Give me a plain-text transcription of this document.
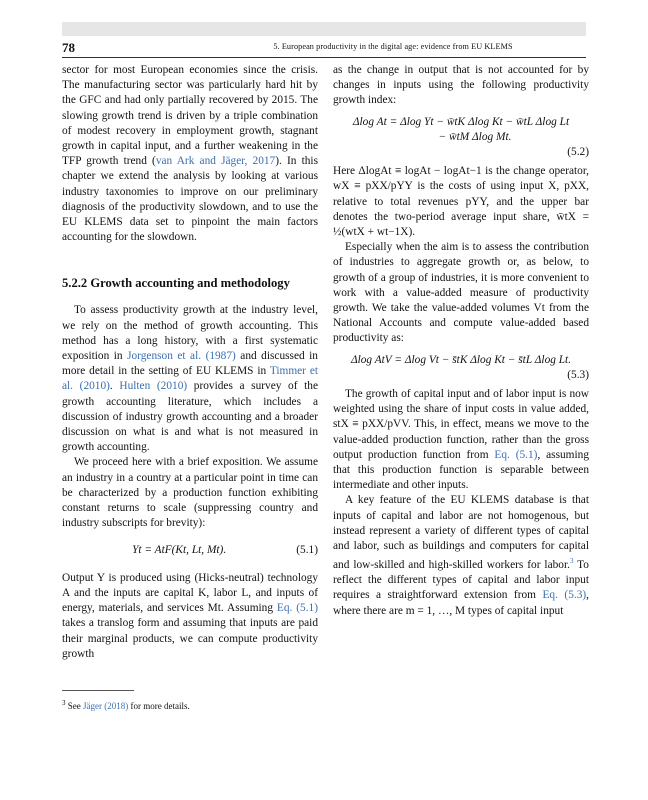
78	5. European productivity in the digital age: evidence from EU KLEMS

sector for most European economies since the crisis. The manufacturing sector was particularly hard hit by the GFC and had only partially recovered by 2015. The slowing growth trend is driven by a triple combination of modest recovery in employment growth, stagnant growth in capital input, and a further weakening in the TFP growth trend (van Ark and Jäger, 2017). In this chapter we extend the analysis by looking at various industry taxonomies to improve on our preliminary diagnosis of the productivity slowdown, and to use the EU KLEMS data set to pinpoint the main factors accounting for the slowdown.

5.2.2 Growth accounting and methodology

To assess productivity growth at the industry level, we rely on the method of growth accounting. This method has a long history, with a first systematic exposition in Jorgenson et al. (1987) and discussed in more detail in the setting of EU KLEMS in Timmer et al. (2010). Hulten (2010) provides a survey of the growth accounting literature, which includes a discussion of industry growth accounting and a broader discussion on what is and what is not measured in growth accounting.

We proceed here with a brief exposition. We assume an industry in a country at a particular point in time can be characterized by a production function exhibiting constant returns to scale (suppressing country and industry subscripts for brevity):

Yt = AtF(Kt, Lt, Mt).	(5.1)

Output Y is produced using (Hicks-neutral) technology A and the inputs are capital K, labor L, and inputs of energy, materials, and services Mt. Assuming Eq. (5.1) takes a translog form and assuming that inputs are paid their marginal products, we can compute productivity growth

as the change in output that is not accounted for by changes in inputs using the following productivity growth index:

Δlog At = Δlog Yt − w̄tK Δlog Kt − w̄tL Δlog Lt
− w̄tM Δlog Mt.
(5.2)

Here ΔlogAt ≡ logAt − logAt−1 is the change operator, wX ≡ pXX/pYY is the costs of using input X, pXX, relative to total revenues pYY, and the upper bar denotes the two-period average input share, w̄tX = ½(wtX + wt−1X).

Especially when the aim is to assess the contribution of industries to aggregate growth or, as below, to growth of a group of industries, it is more convenient to work with a value-added measure of productivity growth. We take the value-added volumes Vt from the National Accounts and compute value-added based productivity as:

Δlog AtV = Δlog Vt − s̄tK Δlog Kt − s̄tL Δlog Lt.
(5.3)

The growth of capital input and of labor input is now weighted using the share of input costs in value added, stX ≡ pXX/pVV. This, in effect, means we move to the value-added production function, rather than the gross output production function from Eq. (5.1), assuming that this production function is separable between intermediate and other inputs.

A key feature of the EU KLEMS database is that inputs of capital and labor are not homogenous, but instead represent a variety of different types of capital and labor, such as buildings and computers for capital and low-skilled and high-skilled workers for labor.$^3$ To reflect the different types of capital and labor input requires a straightforward extension from Eq. (5.3), where there are m = 1, …, M types of capital input

$^3$ See Jäger (2018) for more details.
